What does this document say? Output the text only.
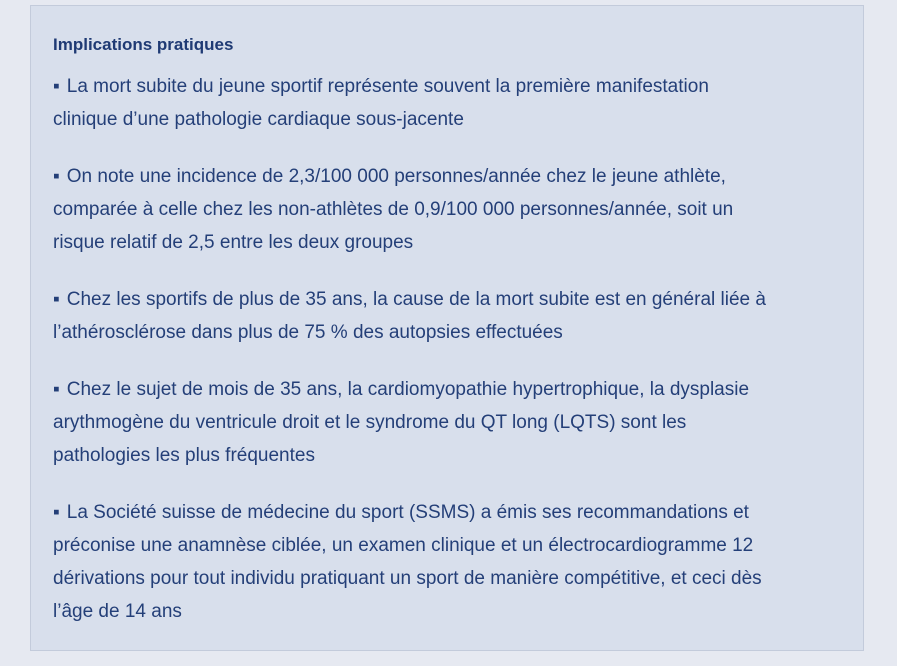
Implications pratiques
▪ La mort subite du jeune sportif représente souvent la première manifestation
clinique d’une pathologie cardiaque sous-jacente
▪ On note une incidence de 2,3/100 000 personnes/année chez le jeune athlète,
comparée à celle chez les non-athlètes de 0,9/100 000 personnes/année, soit un
risque relatif de 2,5 entre les deux groupes
▪ Chez les sportifs de plus de 35 ans, la cause de la mort subite est en général liée à
l’athérosclérose dans plus de 75 % des autopsies effectuées
▪ Chez le sujet de mois de 35 ans, la cardiomyopathie hypertrophique, la dysplasie
arythmogène du ventricule droit et le syndrome du QT long (LQTS) sont les
pathologies les plus fréquentes
▪ La Société suisse de médecine du sport (SSMS) a émis ses recommandations et
préconise une anamnèse ciblée, un examen clinique et un électrocardiogramme 12
dérivations pour tout individu pratiquant un sport de manière compétitive, et ceci dès
l’âge de 14 ans
